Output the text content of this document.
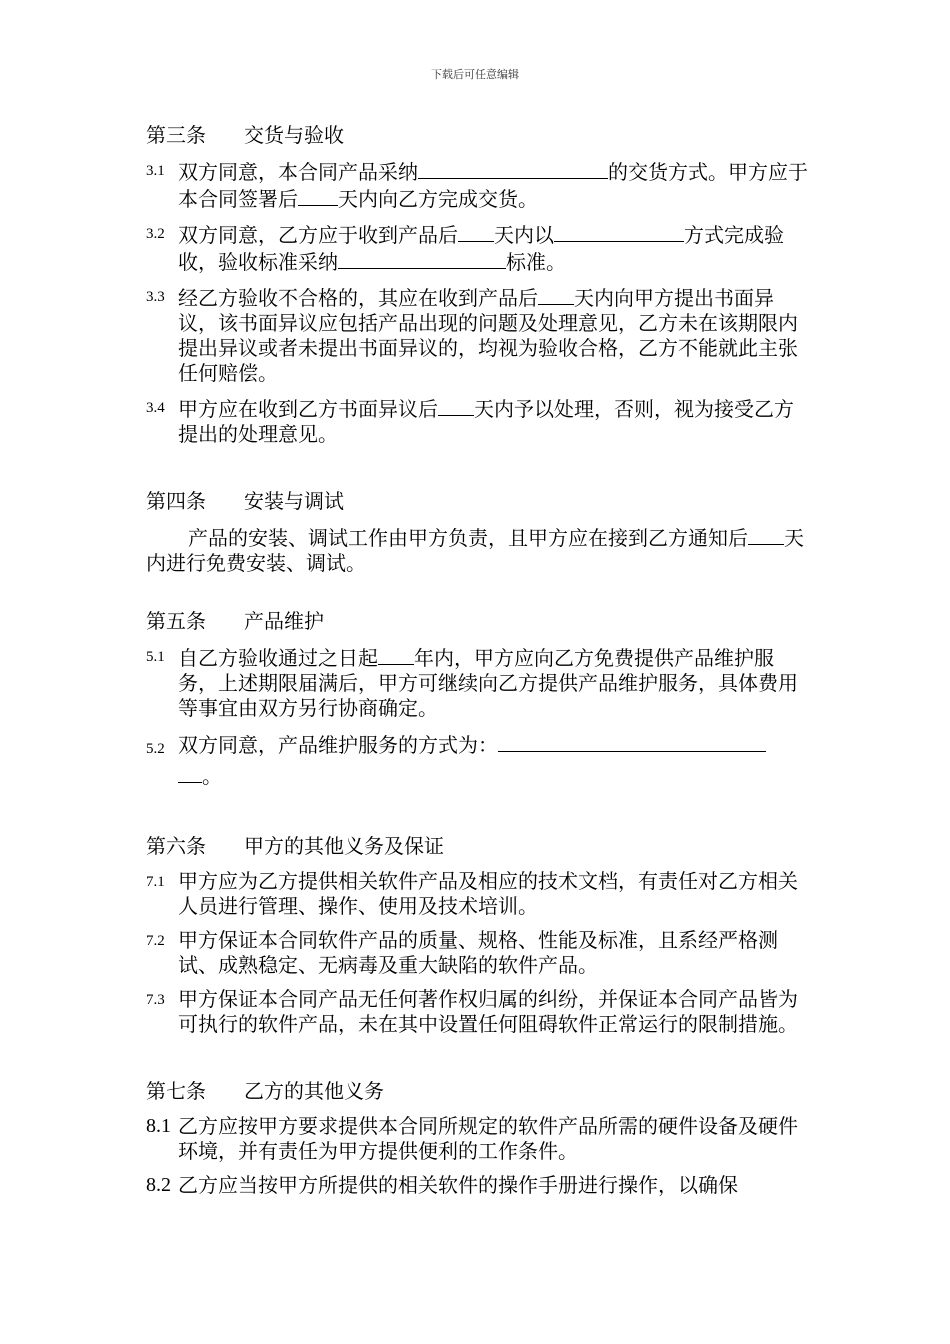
下载后可任意编辑
第三条 交货与验收
3.1 双方同意，本合同产品采纳	的交货方式。甲方应于本合同签署后 天内向乙方完成交货。
3.2 双方同意，乙方应于收到产品后 天内以	方式完成验收，验收标准采纳	标准。
3.3 经乙方验收不合格的，其应在收到产品后 天内向甲方提出书面异议，该书面异议应包括产品出现的问题及处理意见，乙方未在该期限内提出异议或者未提出书面异议的，均视为验收合格，乙方不能就此主张任何赔偿。
3.4 甲方应在收到乙方书面异议后 天内予以处理，否则，视为接受乙方提出的处理意见。
第四条 安装与调试

产品的安装、调试工作由甲方负责，且甲方应在接到乙方通知后 天内进行免费安装、调试。

第五条 产品维护
5.1 自乙方验收通过之日起 年内，甲方应向乙方免费提供产品维护服务，上述期限届满后，甲方可继续向乙方提供产品维护服务，具体费用等事宜由双方另行协商确定。
5.2 双方同意，产品维护服务的方式为：
。
第六条 甲方的其他义务及保证
7.1 甲方应为乙方提供相关软件产品及相应的技术文档，有责任对乙方相关人员进行管理、操作、使用及技术培训。
7.2 甲方保证本合同软件产品的质量、规格、性能及标准，且系经严格测试、成熟稳定、无病毒及重大缺陷的软件产品。
7.3 甲方保证本合同产品无任何著作权归属的纠纷，并保证本合同产品皆为可执行的软件产品，未在其中设置任何阻碍软件正常运行的限制措施。
第七条 乙方的其他义务
8.1 乙方应按甲方要求提供本合同所规定的软件产品所需的硬件设备及硬件环境，并有责任为甲方提供便利的工作条件。
8.2 乙方应当按甲方所提供的相关软件的操作手册进行操作，以确保
